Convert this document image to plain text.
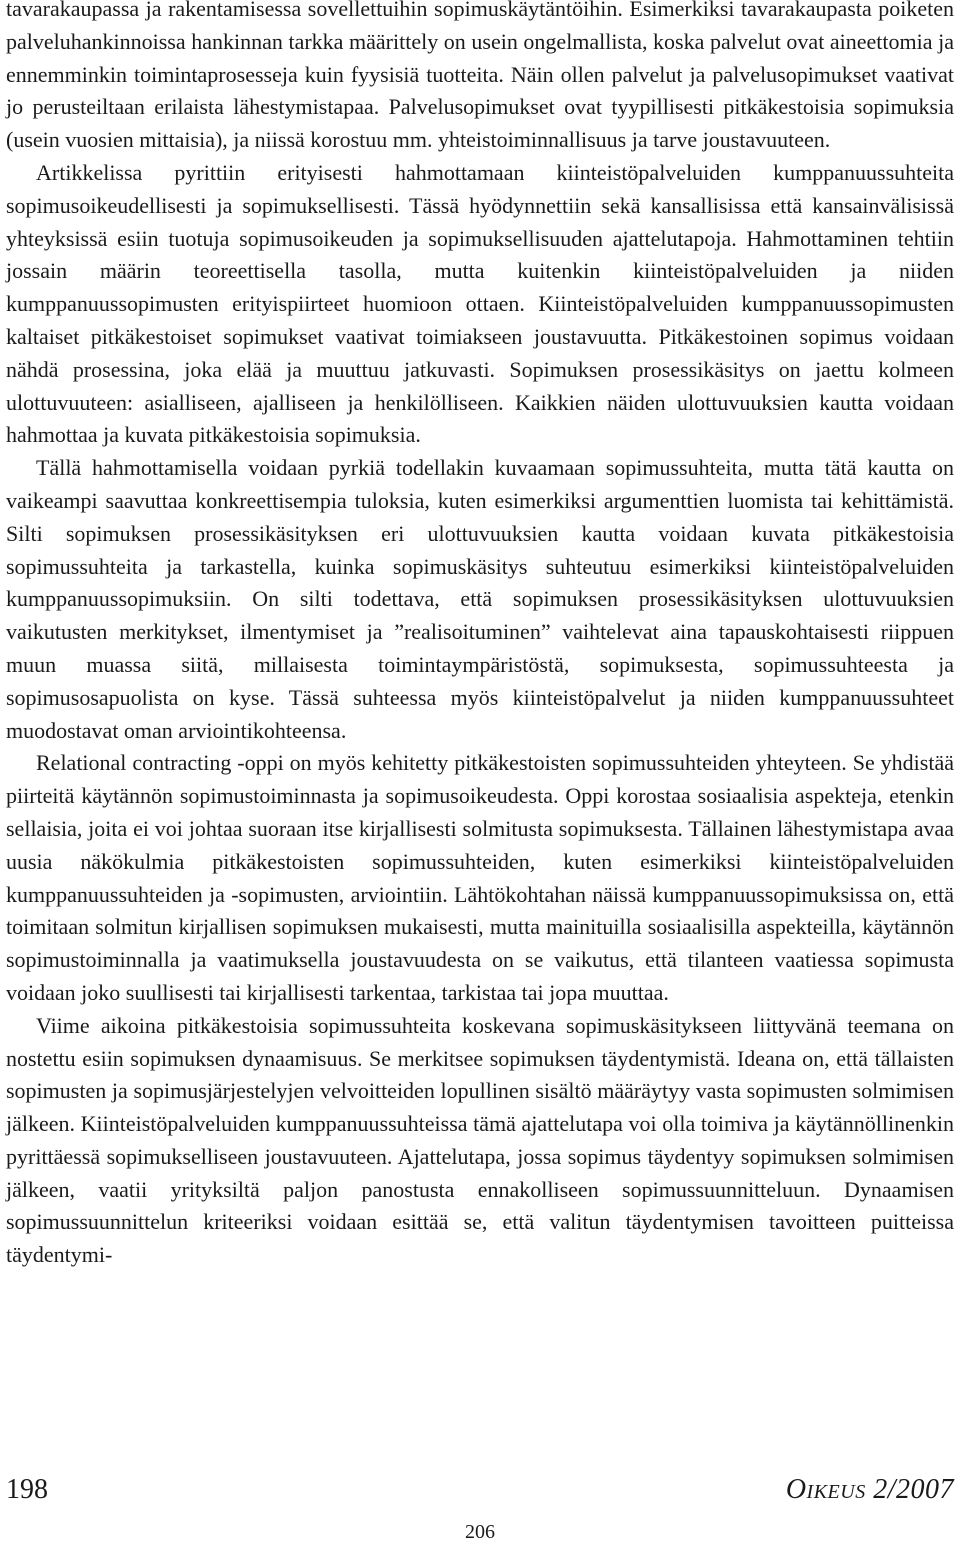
tavarakaupassa ja rakentamisessa sovellettuihin sopimuskäytäntöihin. Esimerkiksi tavarakaupasta poiketen palveluhankinnoissa hankinnan tarkka määrittely on usein ongelmallista, koska palvelut ovat aineettomia ja ennemminkin toimintaprosesseja kuin fyysisiä tuotteita. Näin ollen palvelut ja palvelusopimukset vaativat jo perusteiltaan erilaista lähestymistapaa. Palvelusopimukset ovat tyypillisesti pitkäkestoisia sopimuksia (usein vuosien mittaisia), ja niissä korostuu mm. yhteistoiminnallisuus ja tarve joustavuuteen.

Artikkelissa pyrittiin erityisesti hahmottamaan kiinteistöpalveluiden kumppanuussuhteita sopimusoikeudellisesti ja sopimuksellisesti. Tässä hyödynnettiin sekä kansallisissa että kansainvälisissä yhteyksissä esiin tuotuja sopimusoikeuden ja sopimuksellisuuden ajattelutapoja. Hahmottaminen tehtiin jossain määrin teoreettisella tasolla, mutta kuitenkin kiinteistöpalveluiden ja niiden kumppanuussopimusten erityispiirteet huomioon ottaen. Kiinteistöpalveluiden kumppanuussopimusten kaltaiset pitkäkestoiset sopimukset vaativat toimiakseen joustavuutta. Pitkäkestoinen sopimus voidaan nähdä prosessina, joka elää ja muuttuu jatkuvasti. Sopimuksen prosessikäsitys on jaettu kolmeen ulottuvuuteen: asialliseen, ajalliseen ja henkilölliseen. Kaikkien näiden ulottuvuuksien kautta voidaan hahmottaa ja kuvata pitkäkestoisia sopimuksia.

Tällä hahmottamisella voidaan pyrkiä todellakin kuvaamaan sopimussuhteita, mutta tätä kautta on vaikeampi saavuttaa konkreettisempia tuloksia, kuten esimerkiksi argumenttien luomista tai kehittämistä. Silti sopimuksen prosessikäsityksen eri ulottuvuuksien kautta voidaan kuvata pitkäkestoisia sopimussuhteita ja tarkastella, kuinka sopimuskäsitys suhteutuu esimerkiksi kiinteistöpalveluiden kumppanuussopimuksiin. On silti todettava, että sopimuksen prosessikäsityksen ulottuvuuksien vaikutusten merkitykset, ilmentymiset ja ”realisoituminen” vaihtelevat aina tapauskohtaisesti riippuen muun muassa siitä, millaisesta toimintaympäristöstä, sopimuksesta, sopimussuhteesta ja sopimusosapuolista on kyse. Tässä suhteessa myös kiinteistöpalvelut ja niiden kumppanuussuhteet muodostavat oman arviointikohteensa.

Relational contracting -oppi on myös kehitetty pitkäkestoisten sopimussuhteiden yhteyteen. Se yhdistää piirteitä käytännön sopimustoiminnasta ja sopimusoikeudesta. Oppi korostaa sosiaalisia aspekteja, etenkin sellaisia, joita ei voi johtaa suoraan itse kirjallisesti solmitusta sopimuksesta. Tällainen lähestymistapa avaa uusia näkökulmia pitkäkestoisten sopimussuhteiden, kuten esimerkiksi kiinteistöpalveluiden kumppanuussuhteiden ja -sopimusten, arviointiin. Lähtökohtahan näissä kumppanuussopimuksissa on, että toimitaan solmitun kirjallisen sopimuksen mukaisesti, mutta mainituilla sosiaalisilla aspekteilla, käytännön sopimustoiminnalla ja vaatimuksella joustavuudesta on se vaikutus, että tilanteen vaatiessa sopimusta voidaan joko suullisesti tai kirjallisesti tarkentaa, tarkistaa tai jopa muuttaa.

Viime aikoina pitkäkestoisia sopimussuhteita koskevana sopimuskäsitykseen liittyvänä teemana on nostettu esiin sopimuksen dynaamisuus. Se merkitsee sopimuksen täydentymistä. Ideana on, että tällaisten sopimusten ja sopimusjärjestelyjen velvoitteiden lopullinen sisältö määräytyy vasta sopimusten solmimisen jälkeen. Kiinteistöpalveluiden kumppanuussuhteissa tämä ajattelutapa voi olla toimiva ja käytännöllinenkin pyrittäessä sopimukselliseen joustavuuteen. Ajattelutapa, jossa sopimus täydentyy sopimuksen solmimisen jälkeen, vaatii yrityksiltä paljon panostusta ennakolliseen sopimussuunnitteluun. Dynaamisen sopimussuunnittelun kriteeriksi voidaan esittää se, että valitun täydentymisen tavoitteen puitteissa täydentymi-

198	OIKEUS 2/2007
206
